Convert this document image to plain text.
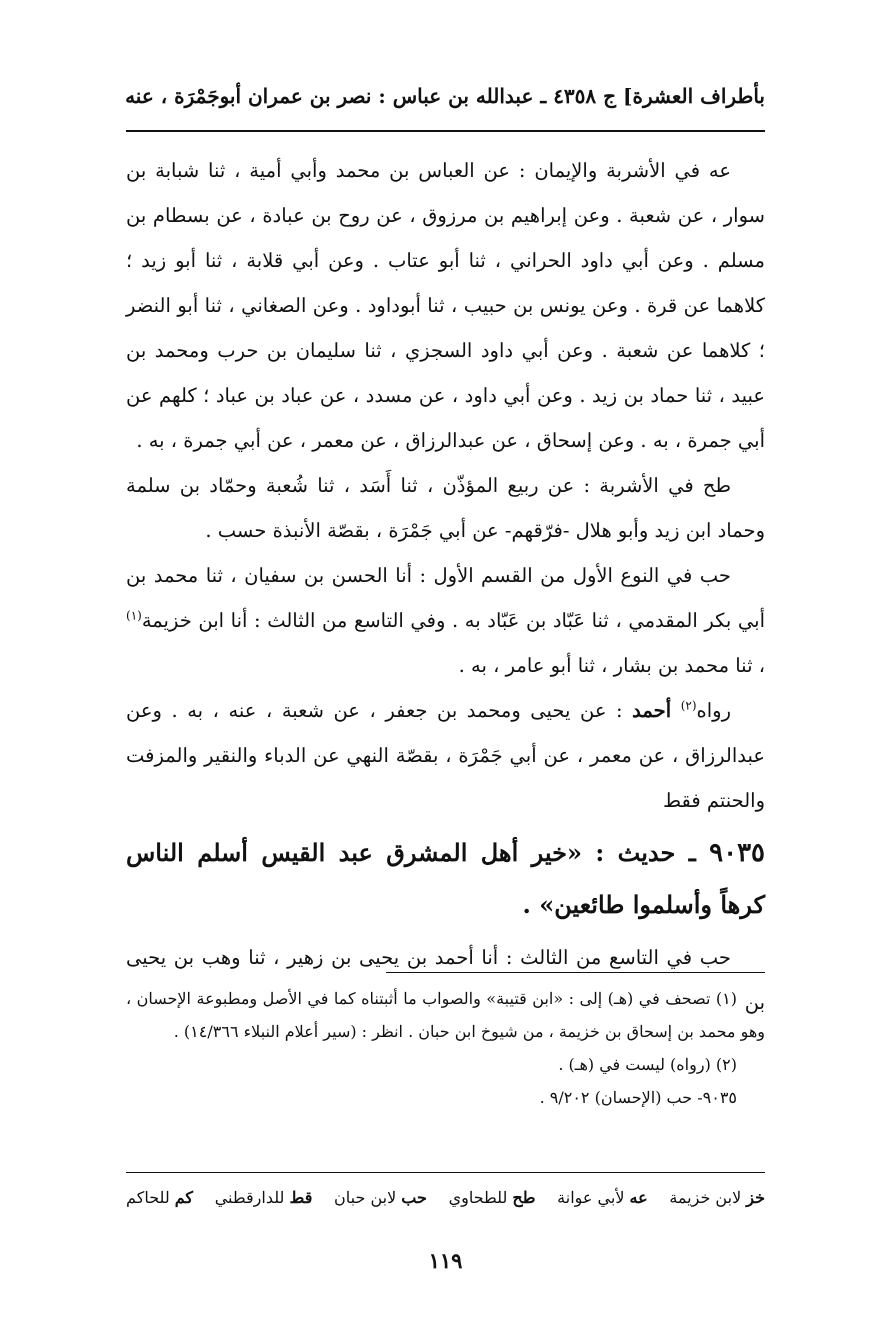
بأطراف العشرة] ج ٨
٤٣٥ ـ عبدالله بن عباس : نصر بن عمران أبوجَمْرَة ، عنه

عه في الأشربة والإيمان : عن العباس بن محمد وأبي أمية ، ثنا شبابة بن سوار ، عن شعبة . وعن إبراهيم بن مرزوق ، عن روح بن عبادة ، عن بسطام بن مسلم . وعن أبي داود الحراني ، ثنا أبو عتاب . وعن أبي قلابة ، ثنا أبو زيد ؛ كلاهما عن قرة . وعن يونس بن حبيب ، ثنا أبوداود . وعن الصغاني ، ثنا أبو النضر ؛ كلاهما عن شعبة . وعن أبي داود السجزي ، ثنا سليمان بن حرب ومحمد بن عبيد ، ثنا حماد بن زيد . وعن أبي داود ، عن مسدد ، عن عباد بن عباد ؛ كلهم عن أبي جمرة ، به . وعن إسحاق ، عن عبدالرزاق ، عن معمر ، عن أبي جمرة ، به .

طح في الأشربة : عن ربيع المؤذّن ، ثنا أَسَد ، ثنا شُعبة وحمّاد بن سلمة وحماد ابن زيد وأبو هلال -فرّقهم- عن أبي جَمْرَة ، بقصّة الأنبذة حسب .

حب في النوع الأول من القسم الأول : أنا الحسن بن سفيان ، ثنا محمد بن أبي بكر المقدمي ، ثنا عَبّاد بن عَبّاد به . وفي التاسع من الثالث : أنا ابن خزيمة$^{(١)}$ ، ثنا محمد بن بشار ، ثنا أبو عامر ، به .

رواه$^{(٢)}$ أحمد : عن يحيى ومحمد بن جعفر ، عن شعبة ، عنه ، به . وعن عبدالرزاق ، عن معمر ، عن أبي جَمْرَة ، بقصّة النهي عن الدباء والنقير والمزفت والحنتم فقط

٩٠٣٥ ـ حديث : «خير أهل المشرق عبد القيس أسلم الناس كرهاً وأسلموا طائعين» .

حب في التاسع من الثالث : أنا أحمد بن يحيى بن زهير ، ثنا وهب بن يحيى بن

(١) تصحف في (هـ) إلى : «ابن قتيبة» والصواب ما أثبتناه كما في الأصل ومطبوعة الإحسان ، وهو محمد بن إسحاق بن خزيمة ، من شيوخ ابن حبان . انظر : (سير أعلام النبلاء ١٤/٣٦٦) .

(٢) (رواه) ليست في (هـ) .

٩٠٣٥- حب (الإحسان) ٩/٢٠٢ .

خز لابن خزيمة
عه لأبي عوانة
طح للطحاوي
حب لابن حبان
قط للدارقطني
كم للحاكم
١١٩
